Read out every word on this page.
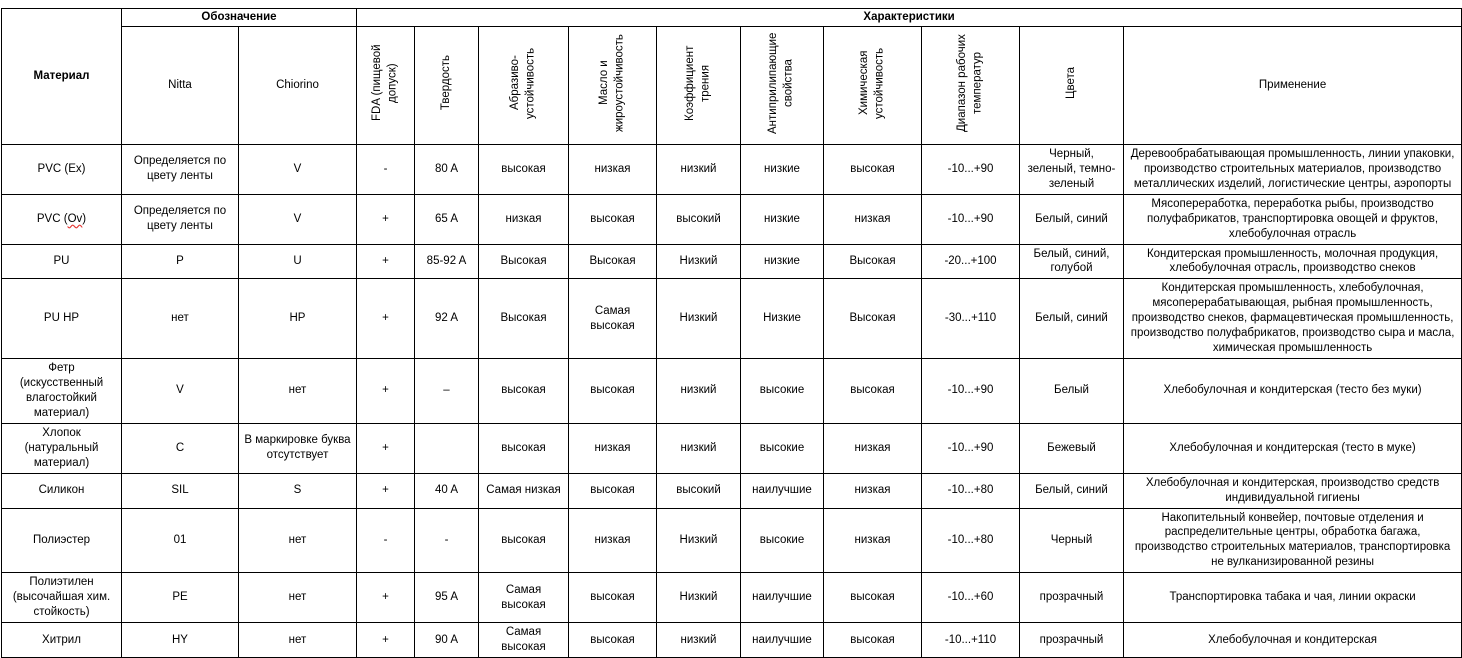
Материал	Обозначение		Характеристики									
	Nitta	Chiorino	FDA (пищевой допуск)	Твердость	Абразиво-устойчивость	Масло и жироустойчивость	Коэффициент трения	Антиприлипающие свойства	Химическая устойчивость	Диапазон рабочих температур	Цвета	Применение
PVC (Ex)	Определяется по цвету ленты	V	-	80 A	высокая	низкая	низкий	низкие	высокая	-10...+90	Черный, зеленый, темно-зеленый	Деревообрабатывающая промышленность, линии упаковки, производство строительных материалов, производство металлических изделий, логистические центры, аэропорты
PVC (Ov)	Определяется по цвету ленты	V	+	65 A	низкая	высокая	высокий	низкие	низкая	-10...+90	Белый, синий	Мясопереработка, переработка рыбы, производство полуфабрикатов, транспортировка овощей и фруктов, хлебобулочная отрасль
PU	P	U	+	85-92 A	Высокая	Высокая	Низкий	низкие	Высокая	-20...+100	Белый, синий, голубой	Кондитерская промышленность, молочная продукция, хлебобулочная отрасль, производство снеков
PU HP	нет	HP	+	92 A	Высокая	Самая высокая	Низкий	Низкие	Высокая	-30...+110	Белый, синий	Кондитерская промышленность, хлебобулочная, мясоперерабатывающая, рыбная промышленность, производство снеков, фармацевтическая промышленность, производство полуфабрикатов, производство сыра и масла, химическая промышленность
Фетр (искусственный влагостойкий материал)	V	нет	+	–	высокая	высокая	низкий	высокие	высокая	-10...+90	Белый	Хлебобулочная и кондитерская (тесто без муки)
Хлопок (натуральный материал)	C	В маркировке буква отсутствует	+		высокая	низкая	низкий	высокие	низкая	-10...+90	Бежевый	Хлебобулочная и кондитерская (тесто в муке)
Силикон	SIL	S	+	40 A	Самая низкая	высокая	высокий	наилучшие	низкая	-10...+80	Белый, синий	Хлебобулочная и кондитерская, производство средств индивидуальной гигиены
Полиэстер	01	нет	-	-	высокая	низкая	Низкий	высокие	низкая	-10...+80	Черный	Накопительный конвейер, почтовые отделения и распределительные центры, обработка багажа, производство строительных материалов, транспортировка не вулканизированной резины
Полиэтилен (высочайшая хим. стойкость)	PE	нет	+	95 A	Самая высокая	высокая	Низкий	наилучшие	высокая	-10...+60	прозрачный	Транспортировка табака и чая, линии окраски
Хитрил	HY	нет	+	90 A	Самая высокая	высокая	низкий	наилучшие	высокая	-10...+110	прозрачный	Хлебобулочная и кондитерская
